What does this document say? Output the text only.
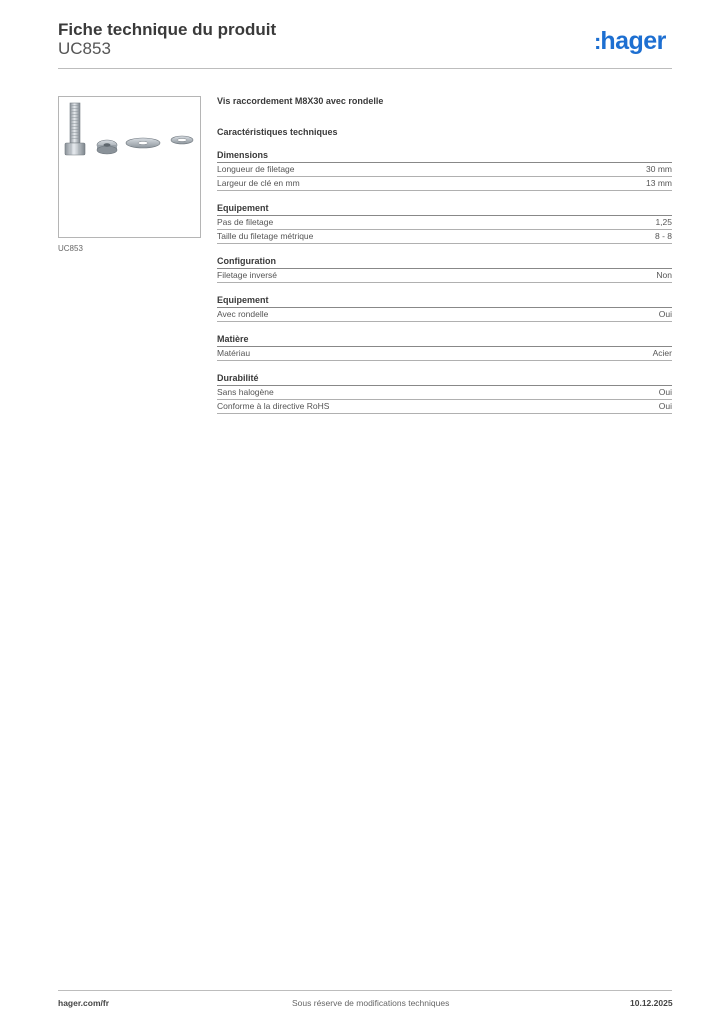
Fiche technique du produit
UC853	:hager
UC853
Vis raccordement M8X30 avec rondelle
Caractéristiques techniques
Dimensions
Longueur de filetage	30 mm
Largeur de clé en mm	13 mm
Equipement
Pas de filetage	1,25
Taille du filetage métrique	8 - 8
Configuration
Filetage inversé	Non
Equipement
Avec rondelle	Oui
Matière
Matériau	Acier
Durabilité
Sans halogène	Oui
Conforme à la directive RoHS	Oui
hager.com/fr	Sous réserve de modifications techniques	10.12.2025
